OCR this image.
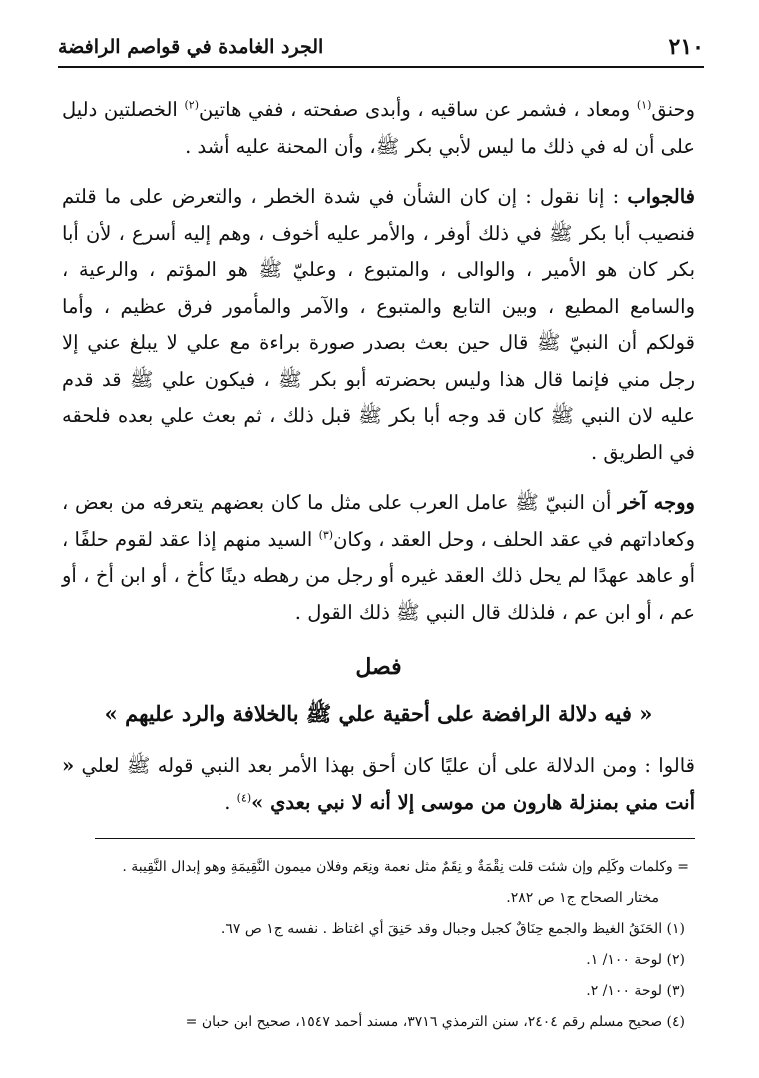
٢١٠
الجرد الغامدة في قواصم الرافضة

وحنق$^{(١)}$ ومعاد ، فشمر عن ساقيه ، وأبدى صفحته ، ففي هاتين$^{(٢)}$ الخصلتين دليل على أن له في ذلك ما ليس لأبي بكر ﷺ، وأن المحنة عليه أشد .

فالجواب : إنا نقول : إن كان الشأن في شدة الخطر ، والتعرض على ما قلتم فنصيب أبا بكر ﷺ في ذلك أوفر ، والأمر عليه أخوف ، وهم إليه أسرع ، لأن أبا بكر كان هو الأمير ، والوالى ، والمتبوع ، وعليّ ﷺ هو المؤتم ، والرعية ، والسامع المطيع ، وبين التابع والمتبوع ، والآمر والمأمور فرق عظيم ، وأما قولكم أن النبيّ ﷺ قال حين بعث بصدر صورة براءة مع علي لا يبلغ عني إلا رجل مني فإنما قال هذا وليس بحضرته أبو بكر ﷺ ، فيكون علي ﷺ قد قدم عليه لان النبي ﷺ كان قد وجه أبا بكر ﷺ قبل ذلك ، ثم بعث علي بعده فلحقه في الطريق .

ووجه آخر أن النبيّ ﷺ عامل العرب على مثل ما كان بعضهم يتعرفه من بعض ، وكعاداتهم في عقد الحلف ، وحل العقد ، وكان$^{(٣)}$ السيد منهم إذا عقد لقوم حلفًا ، أو عاهد عهدًا لم يحل ذلك العقد غيره أو رجل من رهطه دينًا كأخ ، أو ابن أخ ، أو عم ، أو ابن عم ، فلذلك قال النبي ﷺ ذلك القول .

فصل
« فيه دلالة الرافضة على أحقية علي ﷺ بالخلافة والرد عليهم »

قالوا : ومن الدلالة على أن عليًا كان أحق بهذا الأمر بعد النبي قوله ﷺ لعلي « أنت مني بمنزلة هارون من موسى إلا أنه لا نبي بعدي »$^{(٤)}$ .

= وكلمات وكَلِم وإن شئت قلت نِقْمَةٌ و نِقَمٌ مثل نعمة ونِعَم وفلان ميمون النَّقِيمَةِ وهو إبدال النَّقِيبة .
مختار الصحاح ج١ ص ٢٨٢.
(١) الحَنَقُ الغيظ والجمع حِنَاقٌ كجبل وجبال وقد حَنِقَ أي اغتاظ . نفسه ج١ ص ٦٧.
(٢) لوحة ١٠٠/ ١.
(٣) لوحة ١٠٠/ ٢.
(٤) صحيح مسلم رقم ٢٤٠٤، سنن الترمذي ٣٧١٦، مسند أحمد ١٥٤٧، صحيح ابن حبان =
